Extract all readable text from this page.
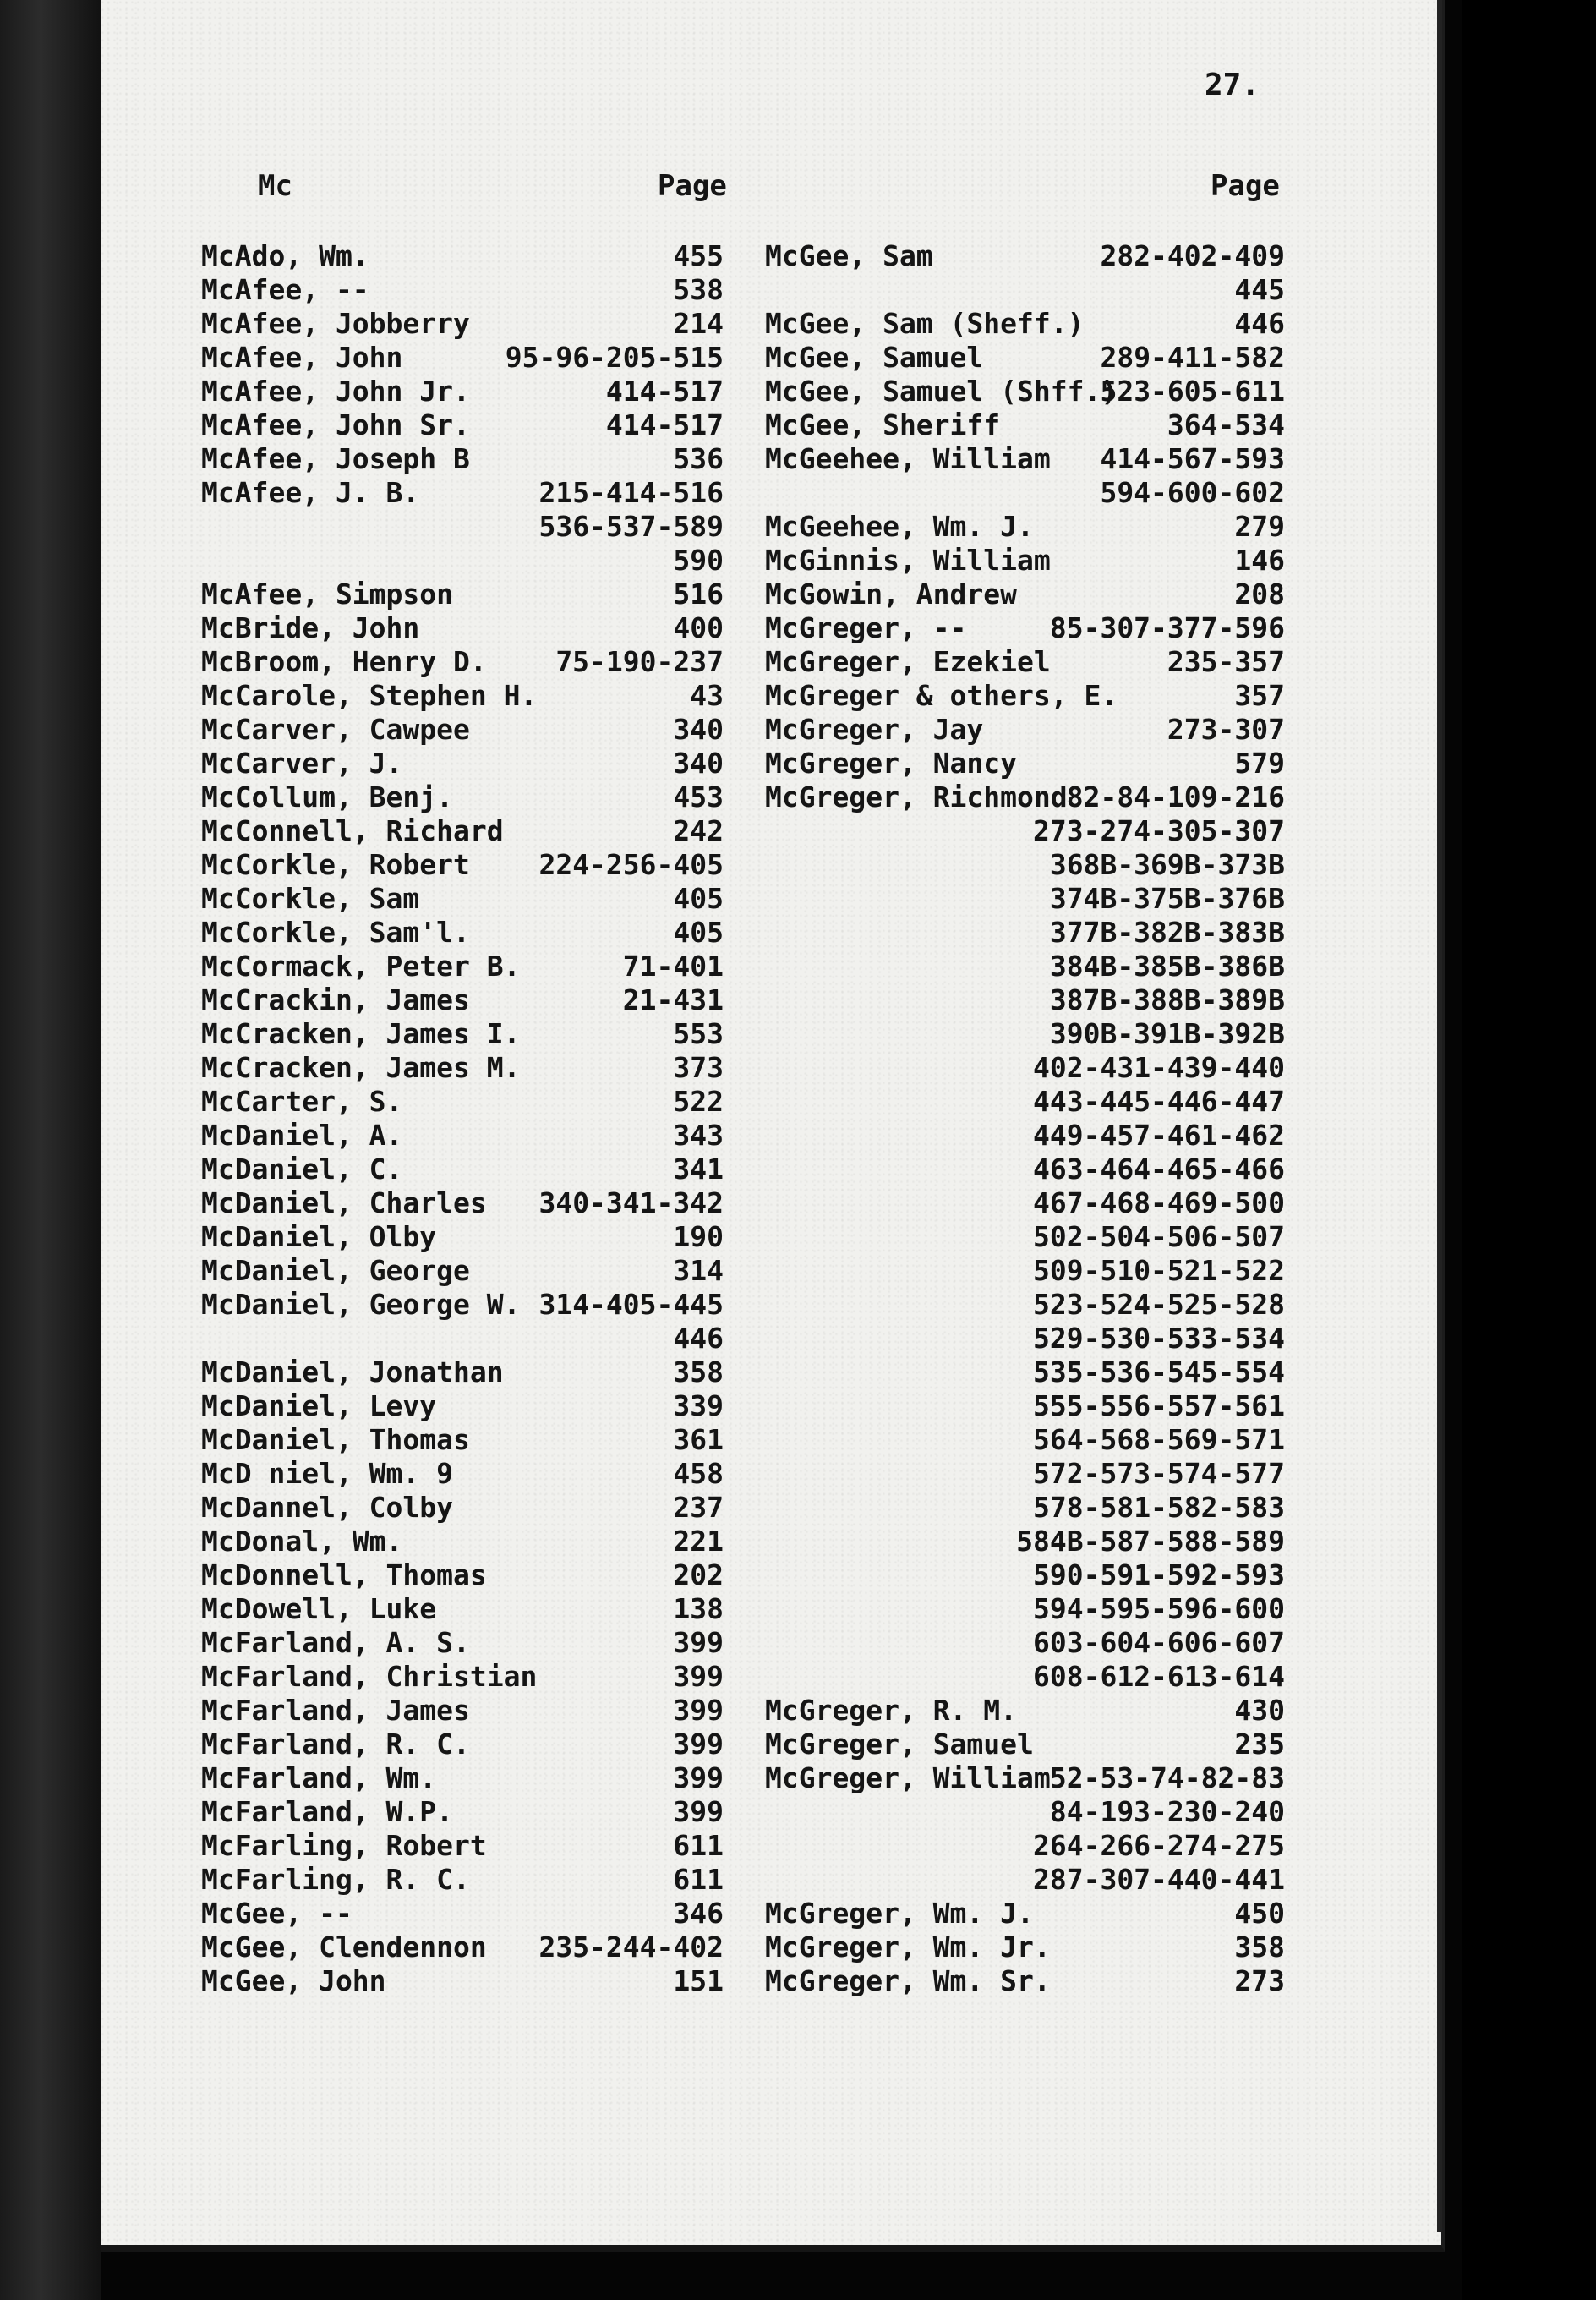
27.
Mc	Page	Page
McAdo, Wm.
McAfee, --
McAfee, Jobberry
McAfee, John
McAfee, John Jr.
McAfee, John Sr.
McAfee, Joseph B
McAfee, J. B.
McAfee, Simpson
McBride, John
McBroom, Henry D.
McCarole, Stephen H.
McCarver, Cawpee
McCarver, J.
McCollum, Benj.
McConnell, Richard
McCorkle, Robert
McCorkle, Sam
McCorkle, Sam'l.
McCormack, Peter B.
McCrackin, James
McCracken, James I.
McCracken, James M.
McCarter, S.
McDaniel, A.
McDaniel, C.
McDaniel, Charles
McDaniel, Olby
McDaniel, George
McDaniel, George W.
McDaniel, Jonathan
McDaniel, Levy
McDaniel, Thomas
McD niel, Wm. 9
McDannel, Colby
McDonal, Wm.
McDonnell, Thomas
McDowell, Luke
McFarland, A. S.
McFarland, Christian
McFarland, James
McFarland, R. C.
McFarland, Wm.
McFarland, W.P.
McFarling, Robert
McFarling, R. C.
McGee, --
McGee, Clendennon
McGee, John
455
538
214
95-96-205-515
414-517
414-517
536
215-414-516
536-537-589
590
516
400
75-190-237
43
340
340
453
242
224-256-405
405
405
71-401
21-431
553
373
522
343
341
340-341-342
190
314
314-405-445
446
358
339
361
458
237
221
202
138
399
399
399
399
399
399
611
611
346
235-244-402
151
McGee, Sam
McGee, Sam (Sheff.)
McGee, Samuel
McGee, Samuel (Shff.)
McGee, Sheriff
McGeehee, William
McGeehee, Wm. J.
McGinnis, William
McGowin, Andrew
McGreger, --
McGreger, Ezekiel
McGreger & others, E.
McGreger, Jay
McGreger, Nancy
McGreger, Richmond
McGreger, R. M.
McGreger, Samuel
McGreger, William
McGreger, Wm. J.
McGreger, Wm. Jr.
McGreger, Wm. Sr.
282-402-409
445
446
289-411-582
523-605-611
364-534
414-567-593
594-600-602
279
146
208
85-307-377-596
235-357
357
273-307
579
82-84-109-216
273-274-305-307
368B-369B-373B
374B-375B-376B
377B-382B-383B
384B-385B-386B
387B-388B-389B
390B-391B-392B
402-431-439-440
443-445-446-447
449-457-461-462
463-464-465-466
467-468-469-500
502-504-506-507
509-510-521-522
523-524-525-528
529-530-533-534
535-536-545-554
555-556-557-561
564-568-569-571
572-573-574-577
578-581-582-583
584B-587-588-589
590-591-592-593
594-595-596-600
603-604-606-607
608-612-613-614
430
235
52-53-74-82-83
84-193-230-240
264-266-274-275
287-307-440-441
450
358
273
